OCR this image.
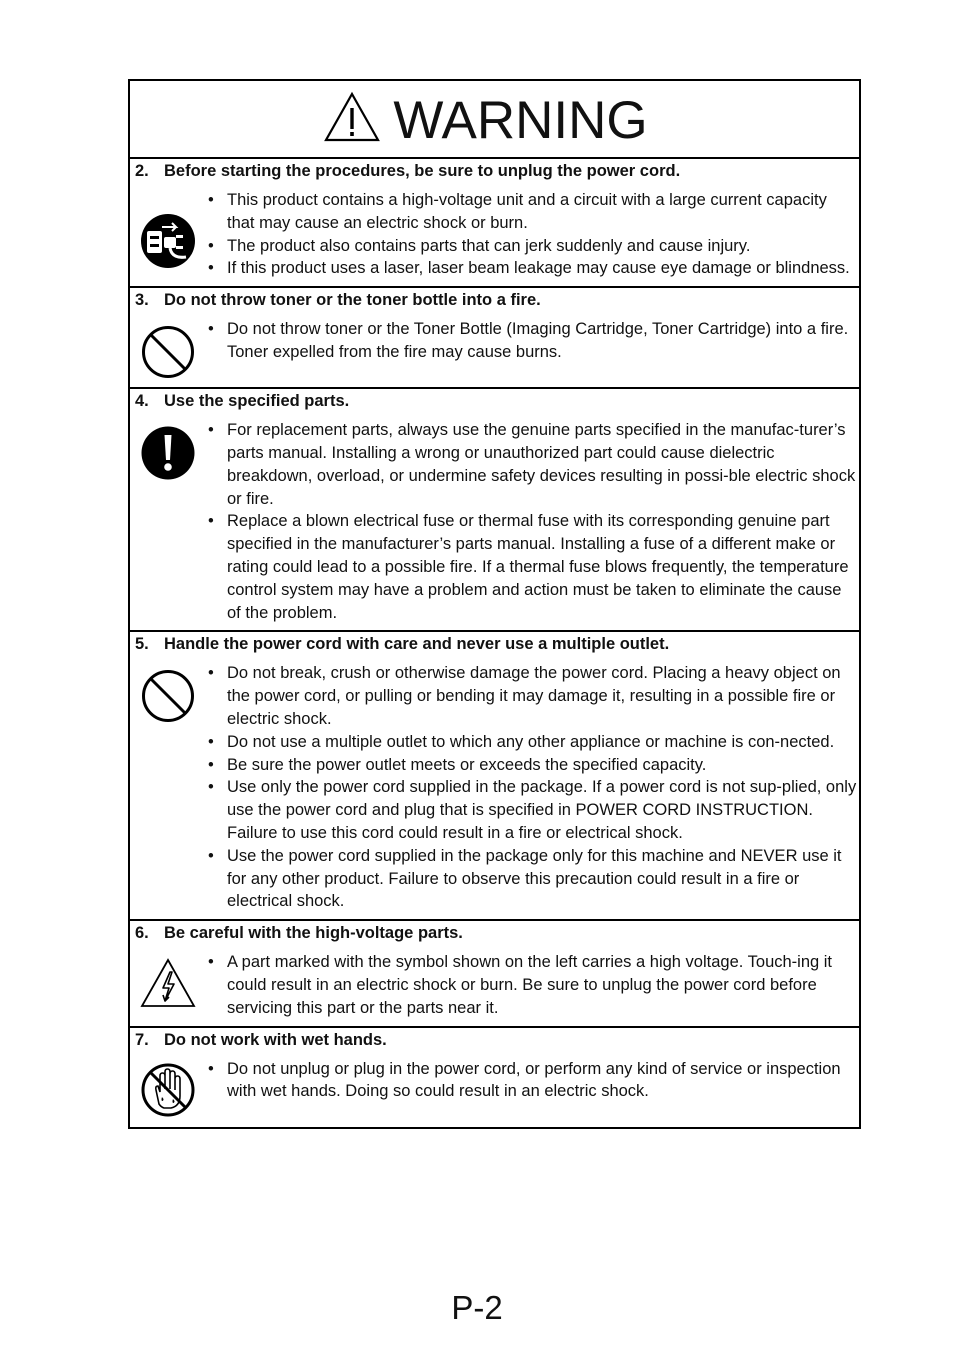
WARNING
2. Before starting the procedures, be sure to unplug the power cord.
• This product contains a high-voltage unit and a circuit with a large current capacity that may cause an electric shock or burn.
• The product also contains parts that can jerk suddenly and cause injury.
• If this product uses a laser, laser beam leakage may cause eye damage or blindness.
3. Do not throw toner or the toner bottle into a fire.
• Do not throw toner or the Toner Bottle (Imaging Cartridge, Toner Cartridge) into a fire. Toner expelled from the fire may cause burns.
4. Use the specified parts.
• For replacement parts, always use the genuine parts specified in the manufac-turer’s parts manual. Installing a wrong or unauthorized part could cause dielectric breakdown, overload, or undermine safety devices resulting in possi-ble electric shock or fire.
• Replace a blown electrical fuse or thermal fuse with its corresponding genuine part specified in the manufacturer’s parts manual. Installing a fuse of a different make or rating could lead to a possible fire. If a thermal fuse blows frequently, the temperature control system may have a problem and action must be taken to eliminate the cause of the problem.
5. Handle the power cord with care and never use a multiple outlet.
• Do not break, crush or otherwise damage the power cord. Placing a heavy object on the power cord, or pulling or bending it may damage it, resulting in a possible fire or electric shock.
• Do not use a multiple outlet to which any other appliance or machine is con-nected.
• Be sure the power outlet meets or exceeds the specified capacity.
• Use only the power cord supplied in the package. If a power cord is not sup-plied, only use the power cord and plug that is specified in POWER CORD INSTRUCTION. Failure to use this cord could result in a fire or electrical shock.
• Use the power cord supplied in the package only for this machine and NEVER use it for any other product. Failure to observe this precaution could result in a fire or electrical shock.
6. Be careful with the high-voltage parts.
• A part marked with the symbol shown on the left carries a high voltage. Touch-ing it could result in an electric shock or burn. Be sure to unplug the power cord before servicing this part or the parts near it.
7. Do not work with wet hands.
• Do not unplug or plug in the power cord, or perform any kind of service or inspection with wet hands. Doing so could result in an electric shock.
P-2
